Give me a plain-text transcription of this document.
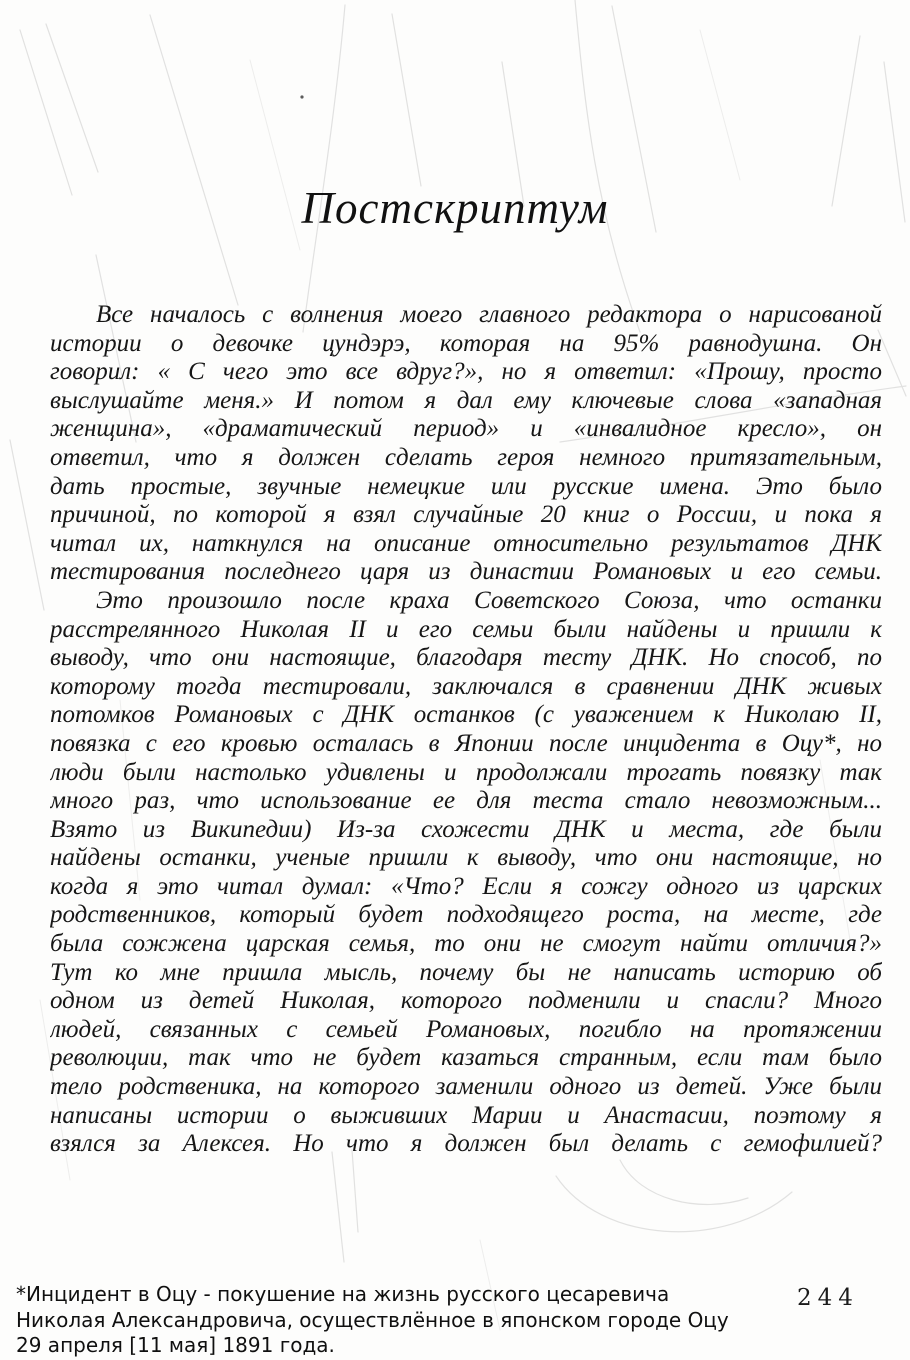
Постскриптум
Все началось с волнения моего главного редактора о нарисованой
истории о девочке цундэрэ, которая на 95% равнодушна. Он
говорил: « С чего это все вдруг?», но я ответил: «Прошу, просто
выслушайте меня.» И потом я дал ему ключевые слова «западная
женщина», «драматический период» и «инвалидное кресло», он
ответил, что я должен сделать героя немного притязательным,
дать простые, звучные немецкие или русские имена. Это было
причиной, по которой я взял случайные 20 книг о России, и пока я
читал их, наткнулся на описание относительно результатов ДНК
тестирования последнего царя из династии Романовых и его семьи.
Это произошло после краха Советского Союза, что останки
расстрелянного Николая II и его семьи были найдены и пришли к
выводу, что они настоящие, благодаря тесту ДНК. Но способ, по
которому тогда тестировали, заключался в сравнении ДНК живых
потомков Романовых с ДНК останков (с уважением к Николаю II,
повязка с его кровью осталась в Японии после инцидента в Оцу*, но
люди были настолько удивлены и продолжали трогать повязку так
много раз, что использование ее для теста стало невозможным...
Взято из Википедии) Из-за схожести ДНК и места, где были
найдены останки, ученые пришли к выводу, что они настоящие, но
когда я это читал думал: «Что? Если я сожгу одного из царских
родственников, который будет подходящего роста, на месте, где
была сожжена царская семья, то они не смогут найти отличия?»
Тут ко мне пришла мысль, почему бы не написать историю об
одном из детей Николая, которого подменили и спасли? Много
людей, связанных с семьей Романовых, погибло на протяжении
революции, так что не будет казаться странным, если там было
тело родственика, на которого заменили одного из детей. Уже были
написаны истории о выживших Марии и Анастасии, поэтому я
взялся за Алексея. Но что я должен был делать с гемофилией?
*Инцидент в Оцу - покушение на жизнь русского цесаревича
Николая Александровича, осуществлённое в японском городе Оцу
29 апреля [11 мая] 1891 года.
244
